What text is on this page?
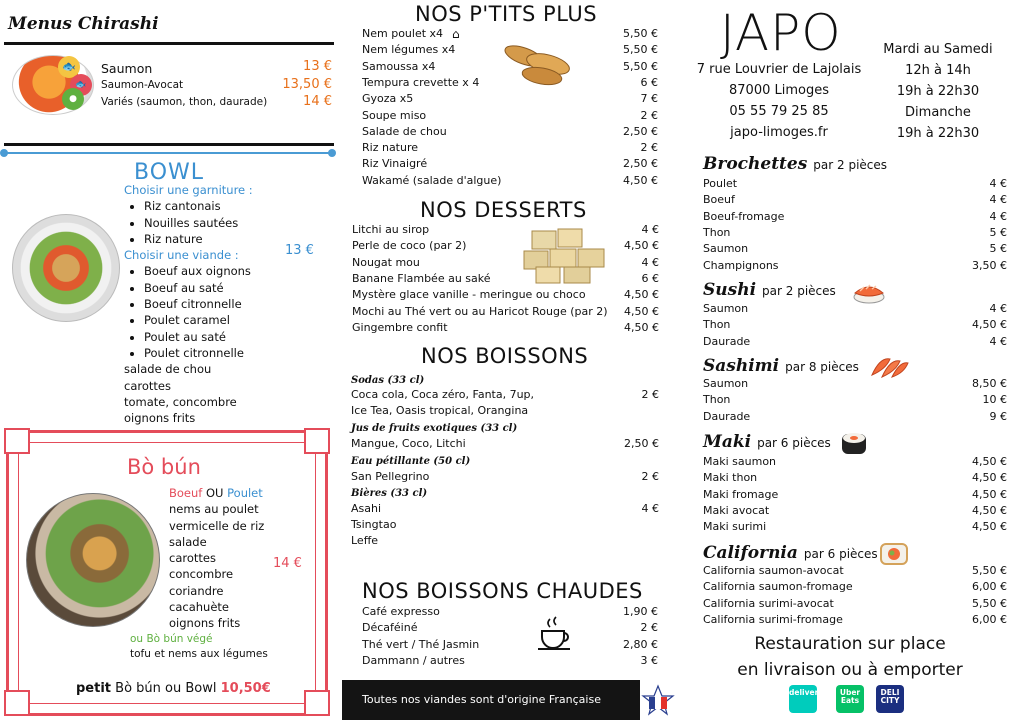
Menus Chirashi
🐟
🐟
●
Saumon	13 €
Saumon-Avocat	13,50 €
Variés (saumon, thon, daurade)	14 €
BOWL
Choisir une garniture :
• Riz cantonais
• Nouilles sautées
• Riz nature
Choisir une viande :
• Boeuf aux oignons
• Boeuf au saté
• Boeuf citronnelle
• Poulet caramel
• Poulet au saté
• Poulet citronnelle
salade de chou
carottes
tomate, concombre
oignons frits
13 €
Bò bún
Boeuf OU Poulet
nems au poulet
vermicelle de riz
salade
carottes
concombre
coriandre
cacahuète
oignons frits
14 €
ou Bò bún végé
tofu et nems aux légumes
petit Bò bún ou Bowl 10,50€
NOS P'TITS PLUS
Nem poulet x4	5,50 €
Nem légumes x4	5,50 €
Samoussa x4	5,50 €
Tempura crevette x 4	6 €
Gyoza x5	7 €
Soupe miso	2 €
Salade de chou	2,50 €
Riz nature	2 €
Riz Vinaigré	2,50 €
Wakamé (salade d'algue)	4,50 €
⌂
NOS DESSERTS
Litchi au sirop	4 €
Perle de coco (par 2)	4,50 €
Nougat mou	4 €
Banane Flambée au saké	6 €
Mystère glace vanille - meringue ou choco	4,50 €
Mochi au Thé vert ou au Haricot Rouge (par 2) 4,50 €
Gingembre confit	4,50 €
NOS BOISSONS
Sodas (33 cl)
Coca cola, Coca zéro, Fanta, 7up,	2 €
Ice Tea, Oasis tropical, Orangina
Jus de fruits exotiques (33 cl)
Mangue, Coco, Litchi	2,50 €
Eau pétillante (50 cl)
San Pellegrino	2 €
Bières (33 cl)
Asahi	4 €
Tsingtao
Leffe
NOS BOISSONS CHAUDES
Café expresso	1,90 €
Décaféiné	2 €
Thé vert / Thé Jasmin	2,80 €
Dammann / autres	3 €
Toutes nos viandes sont d'origine Française
JAPO
7 rue Louvrier de Lajolais
87000 Limoges
05 55 79 25 85
japo-limoges.fr
Mardi au Samedi
12h à 14h
19h à 22h30
Dimanche
19h à 22h30
Brochettes par 2 pièces
Poulet	4 €
Boeuf	4 €
Boeuf-fromage	4 €
Thon	5 €
Saumon	5 €
Champignons	3,50 €
Sushi par 2 pièces
Saumon	4 €
Thon	4,50 €
Daurade	4 €
Sashimi par 8 pièces
Saumon	8,50 €
Thon	10 €
Daurade	9 €
Maki par 6 pièces
Maki saumon	4,50 €
Maki thon	4,50 €
Maki fromage	4,50 €
Maki avocat	4,50 €
Maki surimi	4,50 €
California par 6 pièces
California saumon-avocat	5,50 €
California saumon-fromage	6,00 €
California surimi-avocat	5,50 €
California surimi-fromage	6,00 €
Restauration sur place
en livraison ou à emporter
deliveroo	Uber Eats
DELI CITY
